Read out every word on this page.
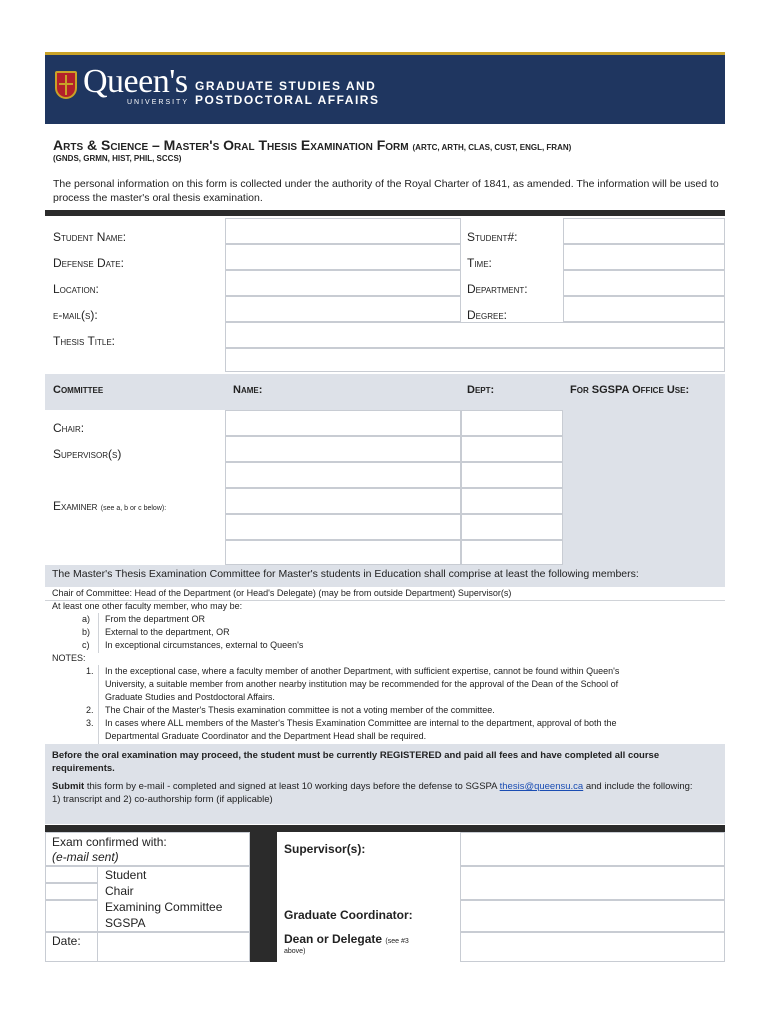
Queen's
UNIVERSITY
GRADUATE STUDIES AND
POSTDOCTORAL AFFAIRS
Arts & Science – Master's Oral Thesis Examination Form (ARTC, ARTH, CLAS, CUST, ENGL, FRAN)
(GNDS, GRMN, HIST, PHIL, SCCS)
The personal information on this form is collected under the authority of the Royal Charter of 1841, as amended. The information will be used to process the master's oral thesis examination.
Student Name:	Student#:
Defense Date:	Time:
Location:	Department:
e-mail(s):	Degree:
Thesis Title:
Committee	Name:	Dept:	For SGSPA Office Use:
Chair:
Supervisor(s)
Examiner (see a, b or c below):
The Master's Thesis Examination Committee for Master's students in Education shall comprise at least the following members:
Chair of Committee: Head of the Department (or Head's Delegate) (may be from outside Department) Supervisor(s)
At least one other faculty member, who may be:
a) From the department OR
b) External to the department, OR
c) In exceptional circumstances, external to Queen's
NOTES:
1. In the exceptional case, where a faculty member of another Department, with sufficient expertise, cannot be found within Queen's
University, a suitable member from another nearby institution may be recommended for the approval of the Dean of the School of
Graduate Studies and Postdoctoral Affairs.
2. The Chair of the Master's Thesis examination committee is not a voting member of the committee.
3. In cases where ALL members of the Master's Thesis Examination Committee are internal to the department, approval of both the
Departmental Graduate Coordinator and the Department Head shall be required.
Before the oral examination may proceed, the student must be currently REGISTERED and paid all fees and have completed all course requirements.
Submit this form by e-mail - completed and signed at least 10 working days before the defense to SGSPA thesis@queensu.ca and include the following:
1) transcript and 2) co-authorship form (if applicable)
Exam confirmed with:
(e-mail sent)
Student
Chair
Examining Committee
SGSPA
Date:
Supervisor(s):
Graduate Coordinator:
Dean or Delegate (see #3
above)
